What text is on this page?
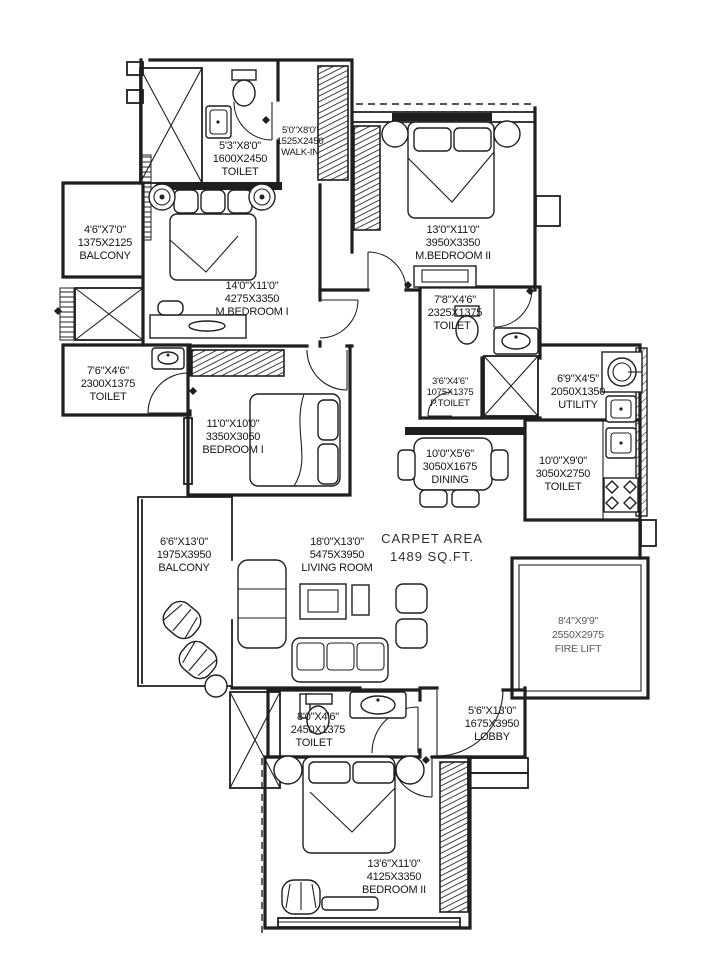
5'3"X8'0"
1600X2450
TOILET
5'0"X8'0"
1525X2450
WALK-IN
4'6"X7'0"
1375X2125
BALCONY
14'0"X11'0"
4275X3350
M.BEDROOM I
13'0"X11'0"
3950X3350
M.BEDROOM II
7'8"X4'6"
2325X1375
TOILET
7'6"X4'6"
2300X1375
TOILET
3'6"X4'6"
1075X1375
P.TOILET
6'9"X4'5"
2050X1350
UTILITY
11'0"X10'0"
3350X3050
BEDROOM I	10'0"X5'6"
3050X1675
DINING
10'0"X9'0"
3050X2750
TOILET
6'6"X13'0"
1975X3950
BALCONY
18'0"X13'0"
5475X3950
LIVING ROOM
CARPET AREA
1489 SQ.FT.
8'4"X9'9"
2550X2975
FIRE LIFT
8'0"X4'6"
2450X1375
TOILET
5'6"X13'0"
1675X3950
LOBBY
13'6"X11'0"
4125X3350
BEDROOM II
